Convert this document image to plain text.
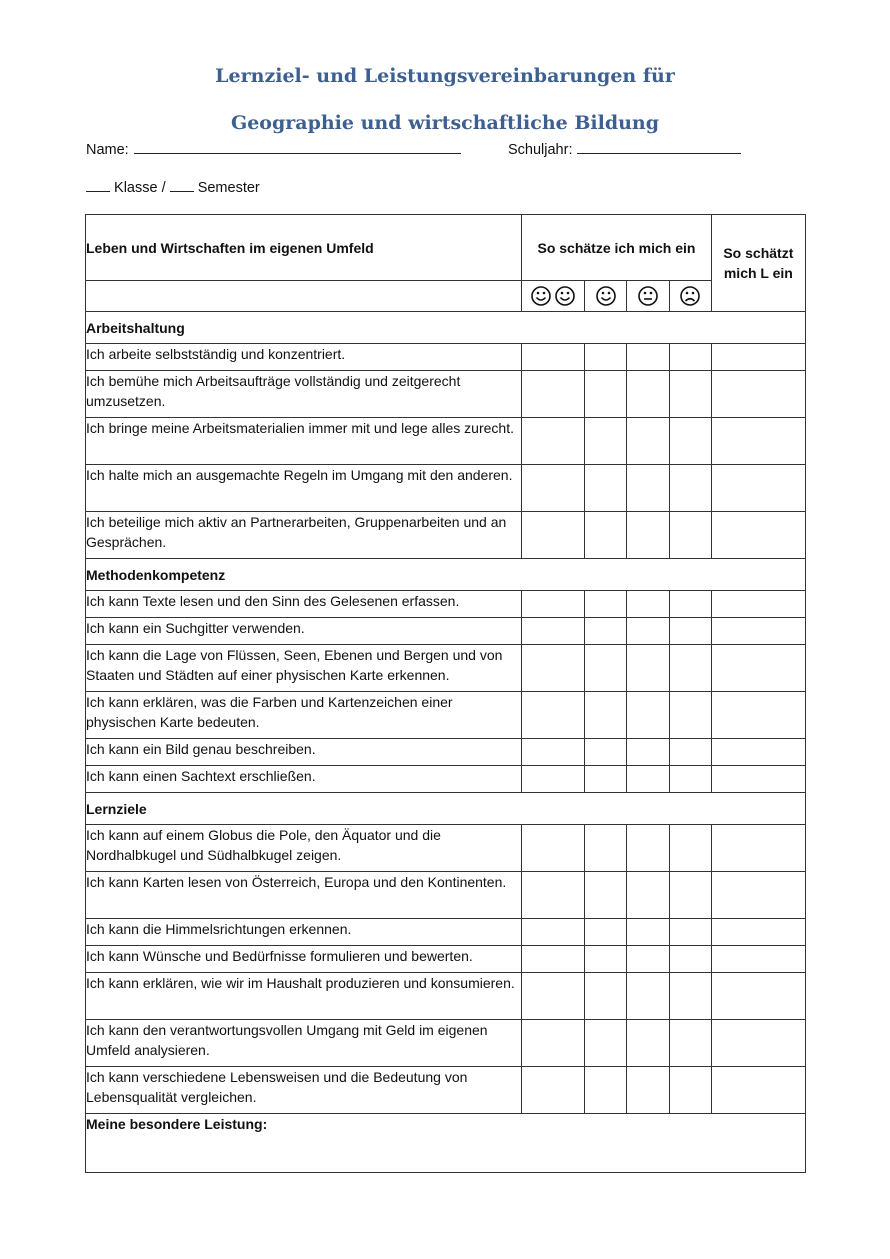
Lernziel- und Leistungsvereinbarungen für
Geographie und wirtschaftliche Bildung
Name:	Schuljahr:
Klasse / Semester
Leben und Wirtschaften im eigenen Umfeld	So schätze ich mich ein				So schätzt mich L ein

Arbeitshaltung					
Ich arbeite selbstständig und konzentriert.					
Ich bemühe mich Arbeitsaufträge vollständig und zeitgerecht umzusetzen.					
Ich bringe meine Arbeitsmaterialien immer mit und lege alles zurecht.					
Ich halte mich an ausgemachte Regeln im Umgang mit den anderen.					
Ich beteilige mich aktiv an Partnerarbeiten, Gruppenarbeiten und an Gesprächen.					
Methodenkompetenz					
Ich kann Texte lesen und den Sinn des Gelesenen erfassen.					
Ich kann ein Suchgitter verwenden.					
Ich kann die Lage von Flüssen, Seen, Ebenen und Bergen und von Staaten und Städten auf einer physischen Karte erkennen.					
Ich kann erklären, was die Farben und Kartenzeichen einer physischen Karte bedeuten.					
Ich kann ein Bild genau beschreiben.					
Ich kann einen Sachtext erschließen.					
Lernziele					
Ich kann auf einem Globus die Pole, den Äquator und die Nordhalbkugel und Südhalbkugel zeigen.					
Ich kann Karten lesen von Österreich, Europa und den Kontinenten.					
Ich kann die Himmelsrichtungen erkennen.					
Ich kann Wünsche und Bedürfnisse formulieren und bewerten.					
Ich kann erklären, wie wir im Haushalt produzieren und konsumieren.					
Ich kann den verantwortungsvollen Umgang mit Geld im eigenen Umfeld analysieren.					
Ich kann verschiedene Lebensweisen und die Bedeutung von Lebensqualität vergleichen.					
Meine besondere Leistung:					
